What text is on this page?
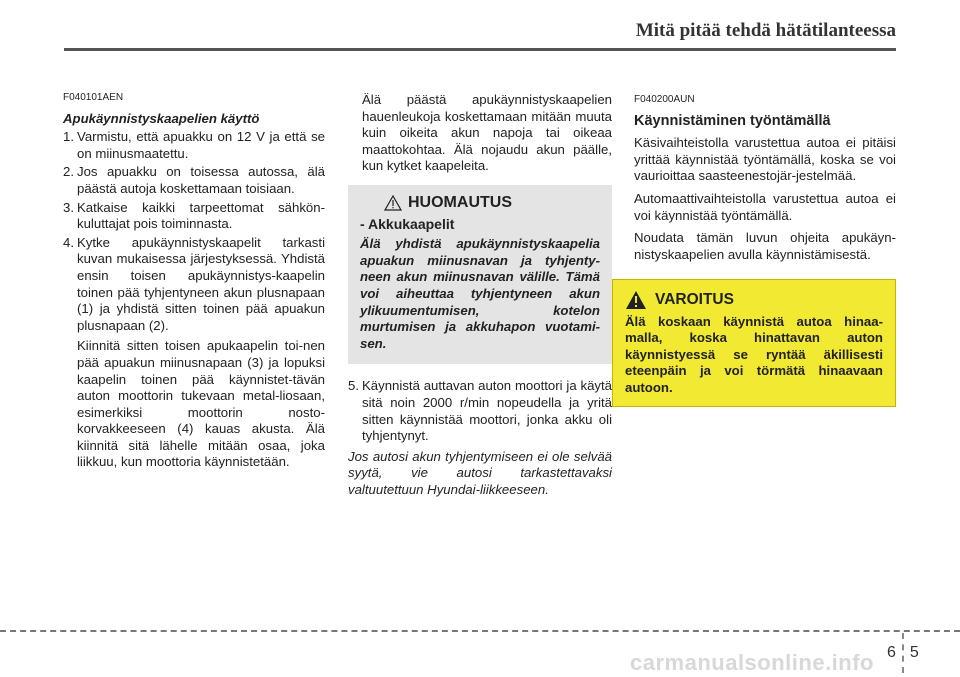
Mitä pitää tehdä hätätilanteessa
F040101AEN
Apukäynnistyskaapelien käyttö
1. Varmistu, että apuakku on 12 V ja että se on miinusmaatettu.
2. Jos apuakku on toisessa autossa, älä päästä autoja koskettamaan toisiaan.
3. Katkaise kaikki tarpeettomat sähkön-kuluttajat pois toiminnasta.
4. Kytke apukäynnistyskaapelit tarkasti kuvan mukaisessa järjestyksessä. Yhdistä ensin toisen apukäynnistys-kaapelin toinen pää tyhjentyneen akun plusnapaan (1) ja yhdistä sitten toinen pää apuakun plusnapaan (2).
Kiinnitä sitten toisen apukaapelin toi-nen pää apuakun miinusnapaan (3) ja lopuksi kaapelin toinen pää käynnistet-tävän auton moottorin tukevaan metal-liosaan, esimerkiksi moottorin nosto-korvakkeeseen (4) kauas akusta. Älä kiinnitä sitä lähelle mitään osaa, joka liikkuu, kun moottoria käynnistetään.
Älä päästä apukäynnistyskaapelien hauenleukoja koskettamaan mitään muuta kuin oikeita akun napoja tai oikeaa maattokohtaa. Älä nojaudu akun päälle, kun kytket kaapeleita.
HUOMAUTUS
- Akkukaapelit
Älä yhdistä apukäynnistyskaapelia apuakun miinusnavan ja tyhjenty-neen akun miinusnavan välille. Tämä voi aiheuttaa tyhjentyneen akun ylikuumentumisen, kotelon murtumisen ja akkuhapon vuotami-sen.
5. Käynnistä auttavan auton moottori ja käytä sitä noin 2000 r/min nopeudella ja yritä sitten käynnistää moottori, jonka akku oli tyhjentynyt.
Jos autosi akun tyhjentymiseen ei ole selvää syytä, vie autosi tarkastettavaksi valtuutettuun Hyundai-liikkeeseen.
F040200AUN
Käynnistäminen työntämällä

Käsivaihteistolla varustettua autoa ei pitäisi yrittää käynnistää työntämällä, koska se voi vaurioittaa saasteenestojär-jestelmää.

Automaattivaihteistolla varustettua autoa ei voi käynnistää työntämällä.

Noudata tämän luvun ohjeita apukäyn-nistyskaapelien avulla käynnistämisestä.

VAROITUS
Älä koskaan käynnistä autoa hinaa-malla, koska hinattavan auton käynnistyessä se ryntää äkillisesti eteenpäin ja voi törmätä hinaavaan autoon.
6 5
carmanualsonline.info
